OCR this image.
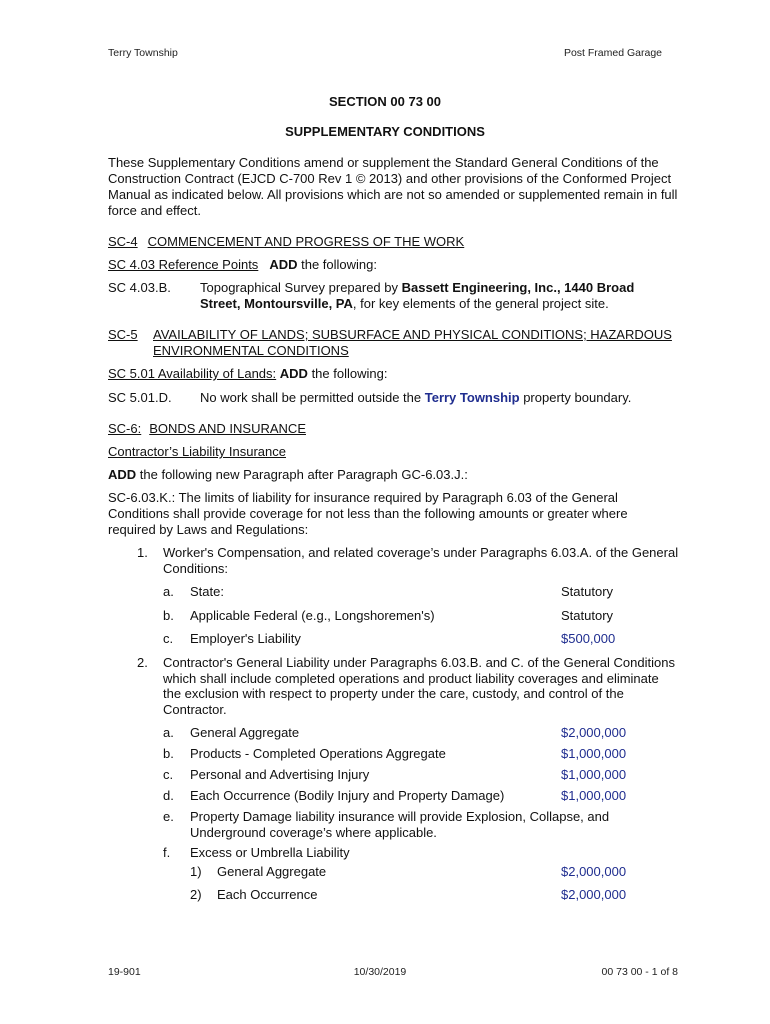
Terry Township	Post Framed Garage
SECTION 00 73 00
SUPPLEMENTARY CONDITIONS
These Supplementary Conditions amend or supplement the Standard General Conditions of the
Construction Contract (EJCD C-700 Rev 1 © 2013) and other provisions of the Conformed Project
Manual as indicated below. All provisions which are not so amended or supplemented remain in full
force and effect.
SC-4 COMMENCEMENT AND PROGRESS OF THE WORK
SC 4.03 Reference Points ADD the following:
SC 4.03.B. Topographical Survey prepared by Bassett Engineering, Inc., 1440 Broad
Street, Montoursville, PA, for key elements of the general project site.
SC-5 AVAILABILITY OF LANDS; SUBSURFACE AND PHYSICAL CONDITIONS; HAZARDOUS
ENVIRONMENTAL CONDITIONS
SC 5.01 Availability of Lands: ADD the following:
SC 5.01.D. No work shall be permitted outside the Terry Township property boundary.
SC-6: BONDS AND INSURANCE
Contractor’s Liability Insurance
ADD the following new Paragraph after Paragraph GC-6.03.J.:
SC-6.03.K.: The limits of liability for insurance required by Paragraph 6.03 of the General
Conditions shall provide coverage for not less than the following amounts or greater where
required by Laws and Regulations:
1. Worker's Compensation, and related coverage’s under Paragraphs 6.03.A. of the General
Conditions:
a. State:	Statutory
b. Applicable Federal (e.g., Longshoremen's)	Statutory
c. Employer's Liability	$500,000
2. Contractor's General Liability under Paragraphs 6.03.B. and C. of the General Conditions
which shall include completed operations and product liability coverages and eliminate
the exclusion with respect to property under the care, custody, and control of the
Contractor.
a. General Aggregate	$2,000,000
b. Products - Completed Operations Aggregate	$1,000,000
c. Personal and Advertising Injury	$1,000,000
d. Each Occurrence (Bodily Injury and Property Damage)	$1,000,000
e. Property Damage liability insurance will provide Explosion, Collapse, and
Underground coverage’s where applicable.
f. Excess or Umbrella Liability
1) General Aggregate	$2,000,000
2) Each Occurrence	$2,000,000
19-901	10/30/2019	00 73 00 - 1 of 8
